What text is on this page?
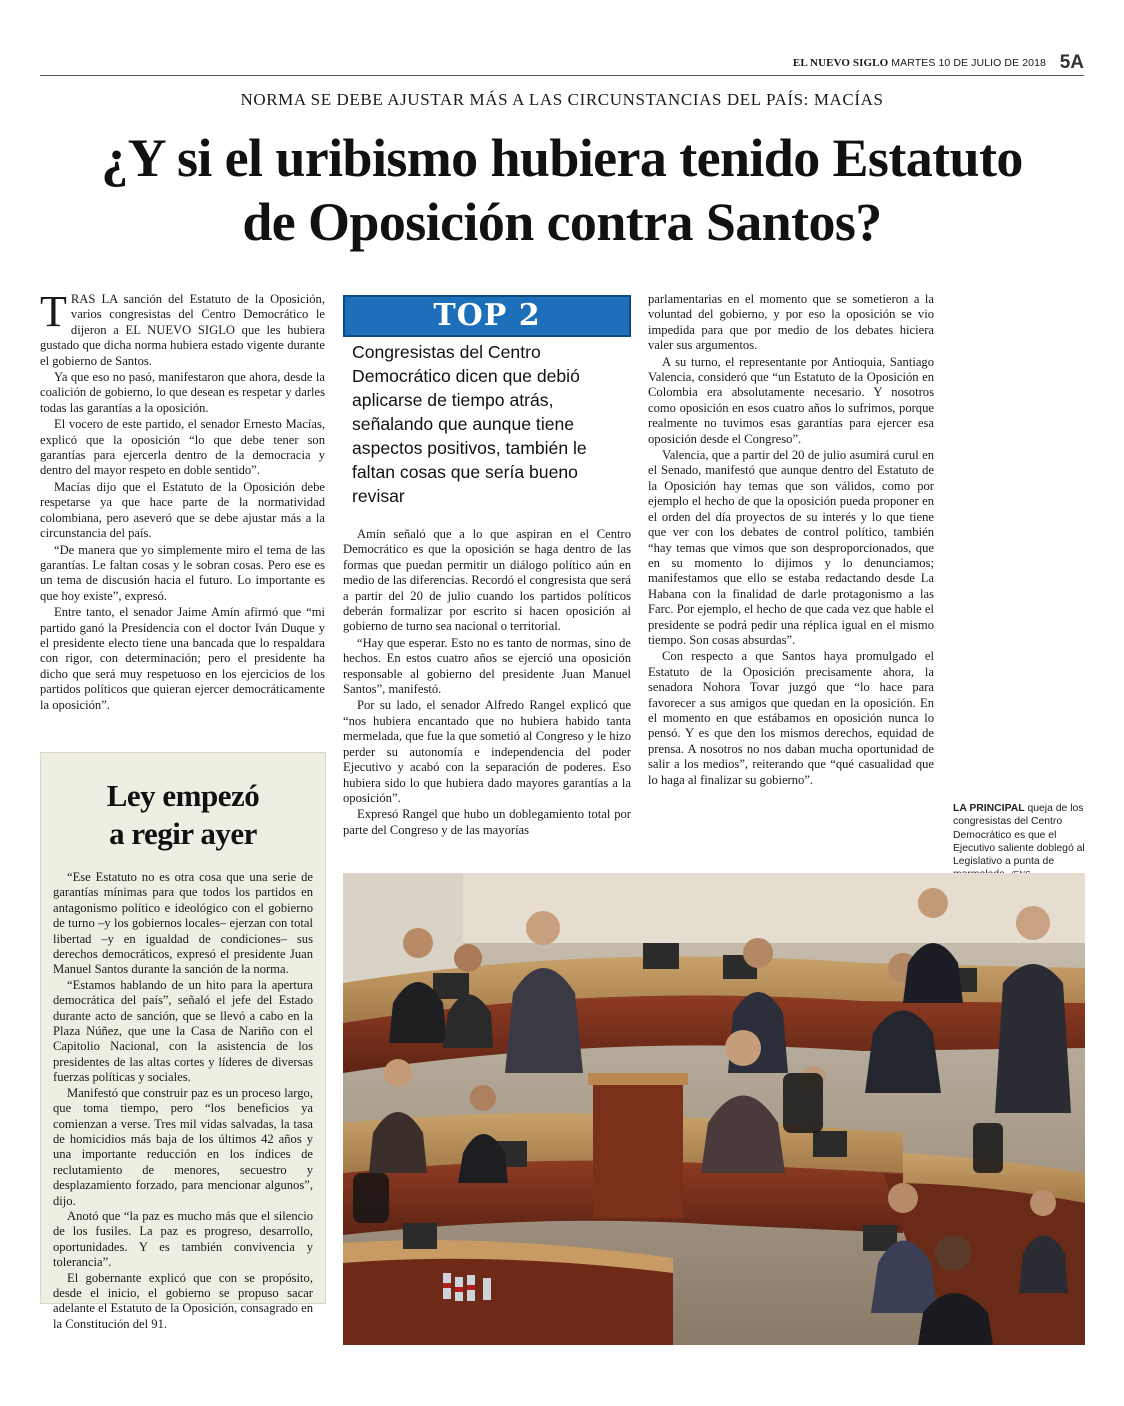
EL NUEVO SIGLO MARTES 10 DE JULIO DE 2018 5A
NORMA SE DEBE AJUSTAR MÁS A LAS CIRCUNSTANCIAS DEL PAÍS: MACÍAS
¿Y si el uribismo hubiera tenido Estatuto
de Oposición contra Santos?

TRAS LA sanción del Estatuto de la Oposición, varios congresistas del Centro Democrático le dijeron a EL NUEVO SIGLO que les hubiera gustado que dicha norma hubiera estado vigente durante el gobierno de Santos.

Ya que eso no pasó, manifestaron que ahora, desde la coalición de gobierno, lo que desean es respetar y darles todas las garantías a la oposición.

El vocero de este partido, el senador Ernesto Macías, explicó que la oposición “lo que debe tener son garantías para ejercerla dentro de la democracia y dentro del mayor respeto en doble sentido”.

Macías dijo que el Estatuto de la Oposición debe respetarse ya que hace parte de la normatividad colombiana, pero aseveró que se debe ajustar más a la circunstancia del país.

“De manera que yo simplemente miro el tema de las garantías. Le faltan cosas y le sobran cosas. Pero ese es un tema de discusión hacia el futuro. Lo importante es que hoy existe”, expresó.

Entre tanto, el senador Jaime Amín afirmó que “mi partido ganó la Presidencia con el doctor Iván Duque y el presidente electo tiene una bancada que lo respaldara con rigor, con determinación; pero el presidente ha dicho que será muy respetuoso en los ejercicios de los partidos políticos que quieran ejercer democráticamente la oposición”.

TOP 2
Congresistas del Centro Democrático dicen que debió aplicarse de tiempo atrás, señalando que aunque tiene aspectos positivos, también le faltan cosas que sería bueno revisar

Amín señaló que a lo que aspiran en el Centro Democrático es que la oposición se haga dentro de las formas que puedan permitir un diálogo político aún en medio de las diferencias. Recordó el congresista que será a partir del 20 de julio cuando los partidos políticos deberán formalizar por escrito si hacen oposición al gobierno de turno sea nacional o territorial.

“Hay que esperar. Esto no es tanto de normas, sino de hechos. En estos cuatro años se ejerció una oposición responsable al gobierno del presidente Juan Manuel Santos”, manifestó.

Por su lado, el senador Alfredo Rangel explicó que “nos hubiera encantado que no hubiera habido tanta mermelada, que fue la que sometió al Congreso y le hizo perder su autonomía e independencia del poder Ejecutivo y acabó con la separación de poderes. Eso hubiera sido lo que hubiera dado mayores garantías a la oposición”.

Expresó Rangel que hubo un doblegamiento total por parte del Congreso y de las mayorías

parlamentarias en el momento que se sometieron a la voluntad del gobierno, y por eso la oposición se vio impedida para que por medio de los debates hiciera valer sus argumentos.

A su turno, el representante por Antioquia, Santiago Valencia, consideró que “un Estatuto de la Oposición en Colombia era absolutamente necesario. Y nosotros como oposición en esos cuatro años lo sufrimos, porque realmente no tuvimos esas garantías para ejercer esa oposición desde el Congreso”.

Valencia, que a partir del 20 de julio asumirá curul en el Senado, manifestó que aunque dentro del Estatuto de la Oposición hay temas que son válidos, como por ejemplo el hecho de que la oposición pueda proponer en el orden del día proyectos de su interés y lo que tiene que ver con los debates de control político, también “hay temas que vimos que son desproporcionados, que en su momento lo dijimos y lo denunciamos; manifestamos que ello se estaba redactando desde La Habana con la finalidad de darle protagonismo a las Farc. Por ejemplo, el hecho de que cada vez que hable el presidente se podrá pedir una réplica igual en el mismo tiempo. Son cosas absurdas”.

Con respecto a que Santos haya promulgado el Estatuto de la Oposición precisamente ahora, la senadora Nohora Tovar juzgó que “lo hace para favorecer a sus amigos que quedan en la oposición. En el momento en que estábamos en oposición nunca lo pensó. Y es que den los mismos derechos, equidad de prensa. A nosotros no nos daban mucha oportunidad de salir a los medios”, reiterando que “qué casualidad que lo haga al finalizar su gobierno”.

Ley empezó
a regir ayer

“Ese Estatuto no es otra cosa que una serie de garantías mínimas para que todos los partidos en antagonismo político e ideológico con el gobierno de turno –y los gobiernos locales– ejerzan con total libertad –y en igualdad de condiciones– sus derechos democráticos, expresó el presidente Juan Manuel Santos durante la sanción de la norma.

“Estamos hablando de un hito para la apertura democrática del país”, señaló el jefe del Estado durante acto de sanción, que se llevó a cabo en la Plaza Núñez, que une la Casa de Nariño con el Capitolio Nacional, con la asistencia de los presidentes de las altas cortes y líderes de diversas fuerzas políticas y sociales.

Manifestó que construir paz es un proceso largo, que toma tiempo, pero “los beneficios ya comienzan a verse. Tres mil vidas salvadas, la tasa de homicidios más baja de los últimos 42 años y una importante reducción en los índices de reclutamiento de menores, secuestro y desplazamiento forzado, para mencionar algunos”, dijo.

Anotó que “la paz es mucho más que el silencio de los fusiles. La paz es progreso, desarrollo, oportunidades. Y es también convivencia y tolerancia”.

El gobernante explicó que con se propósito, desde el inicio, el gobierno se propuso sacar adelante el Estatuto de la Oposición, consagrado en la Constitución del 91.

LA PRINCIPAL queja de los congresistas del Centro Democrático es que el Ejecutivo saliente doblegó al Legislativo a punta de
